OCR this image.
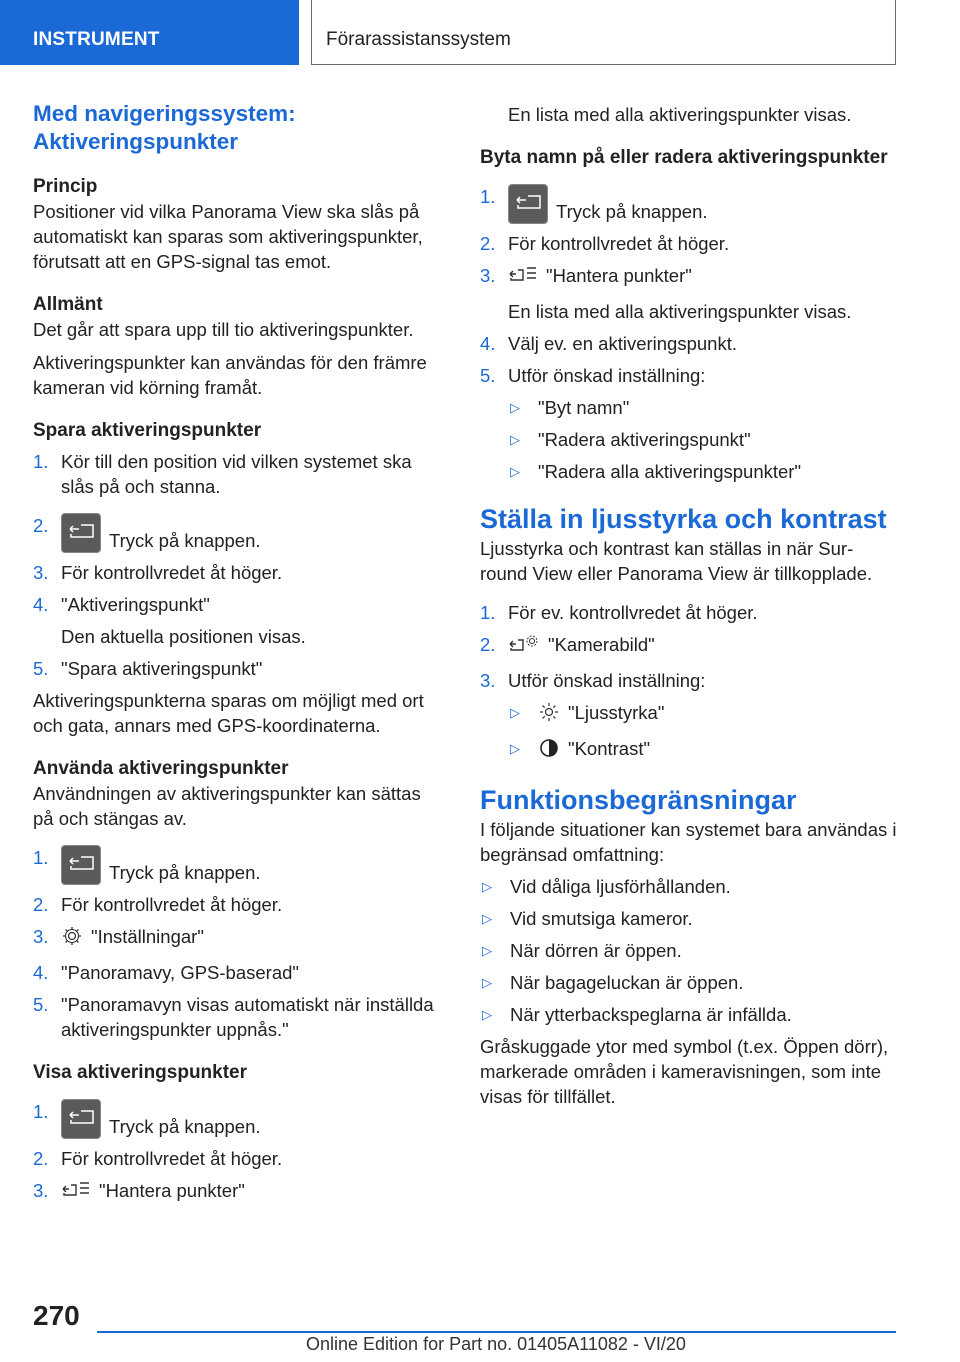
INSTRUMENT	Förarassistanssystem
Med navigeringssystem: Aktiveringspunkter
Princip

Positioner vid vilka Panorama View ska slås på automatiskt kan sparas som aktiveringspunkter, förutsatt att en GPS-signal tas emot.

Allmänt

Det går att spara upp till tio aktiveringspunkter.

Aktiveringspunkter kan användas för den främre kameran vid körning framåt.

Spara aktiveringspunkter
1. Kör till den position vid vilken systemet ska slås på och stanna.
2.
Tryck på knappen.
3. För kontrollvredet åt höger.
4. "Aktiveringspunkt"
Den aktuella positionen visas.
5. "Spara aktiveringspunkt"

Aktiveringspunkterna sparas om möjligt med ort och gata, annars med GPS-koordinaterna.

Använda aktiveringspunkter

Användningen av aktiveringspunkter kan sättas på och stängas av.

1.
Tryck på knappen.
2. För kontrollvredet åt höger.
3. "Inställningar"
4. "Panoramavy, GPS-baserad"
5. "Panoramavyn visas automatiskt när inställda aktiveringspunkter uppnås."
Visa aktiveringspunkter
1.
Tryck på knappen.
2. För kontrollvredet åt höger.
3.	"Hantera punkter"

En lista med alla aktiveringspunkter visas.

Byta namn på eller radera aktiveringspunkter
1.
Tryck på knappen.
2. För kontrollvredet åt höger.
3.	"Hantera punkter"
En lista med alla aktiveringspunkter visas.
4. Välj ev. en aktiveringspunkt.
5. Utför önskad inställning:
▷ "Byt namn"
▷ "Radera aktiveringspunkt"
▷ "Radera alla aktiveringspunkter"
Ställa in ljusstyrka och kontrast

Ljusstyrka och kontrast kan ställas in när Sur-round View eller Panorama View är tillkopplade.

1. För ev. kontrollvredet åt höger.
2.	"Kamerabild"
3. Utför önskad inställning:
▷	"Ljusstyrka"
▷	"Kontrast"
Funktionsbegränsningar

I följande situationer kan systemet bara användas i begränsad omfattning:

▷ Vid dåliga ljusförhållanden.
▷ Vid smutsiga kameror.
▷ När dörren är öppen.
▷ När bagageluckan är öppen.
▷ När ytterbackspeglarna är infällda.

Gråskuggade ytor med symbol (t.ex. Öppen dörr), markerade områden i kameravisningen, som inte visas för tillfället.

270
Online Edition for Part no. 01405A11082 - VI/20
